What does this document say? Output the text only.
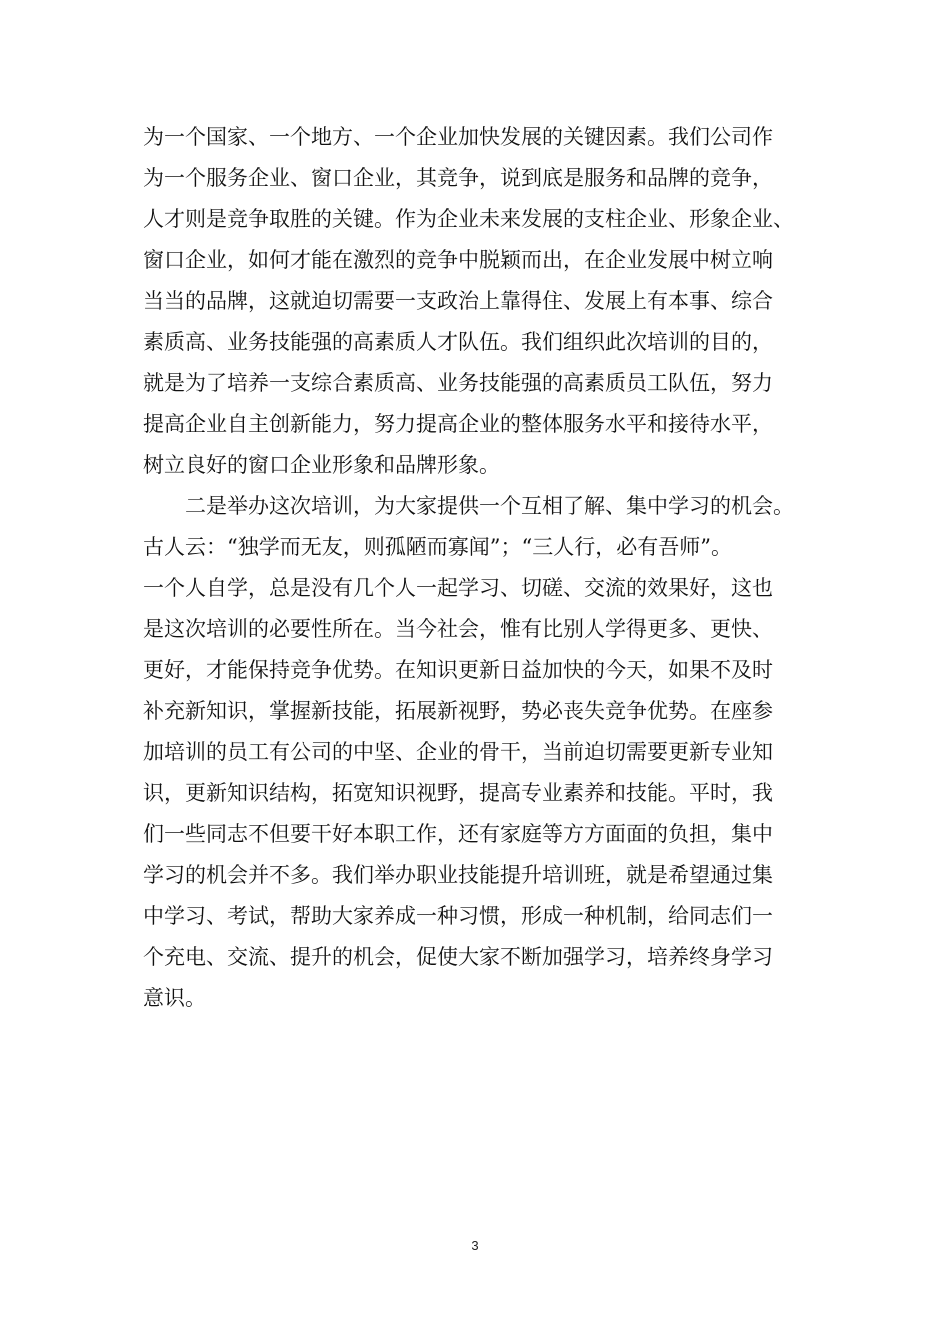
为一个国家、一个地方、一个企业加快发展的关键因素。我们公司作
为一个服务企业、窗口企业，其竞争，说到底是服务和品牌的竞争，
人才则是竞争取胜的关键。作为企业未来发展的支柱企业、形象企业、
窗口企业，如何才能在激烈的竞争中脱颖而出，在企业发展中树立响
当当的品牌，这就迫切需要一支政治上靠得住、发展上有本事、综合
素质高、业务技能强的高素质人才队伍。我们组织此次培训的目的，
就是为了培养一支综合素质高、业务技能强的高素质员工队伍，努力
提高企业自主创新能力，努力提高企业的整体服务水平和接待水平，
树立良好的窗口企业形象和品牌形象。
二是举办这次培训，为大家提供一个互相了解、集中学习的机会。
古人云：“独学而无友，则孤陋而寡闻”；“三人行，必有吾师”。
一个人自学，总是没有几个人一起学习、切磋、交流的效果好，这也
是这次培训的必要性所在。当今社会，惟有比别人学得更多、更快、
更好，才能保持竞争优势。在知识更新日益加快的今天，如果不及时
补充新知识，掌握新技能，拓展新视野，势必丧失竞争优势。在座参
加培训的员工有公司的中坚、企业的骨干，当前迫切需要更新专业知
识，更新知识结构，拓宽知识视野，提高专业素养和技能。平时，我
们一些同志不但要干好本职工作，还有家庭等方方面面的负担，集中
学习的机会并不多。我们举办职业技能提升培训班，就是希望通过集
中学习、考试，帮助大家养成一种习惯，形成一种机制，给同志们一
个充电、交流、提升的机会，促使大家不断加强学习，培养终身学习
意识。
3
